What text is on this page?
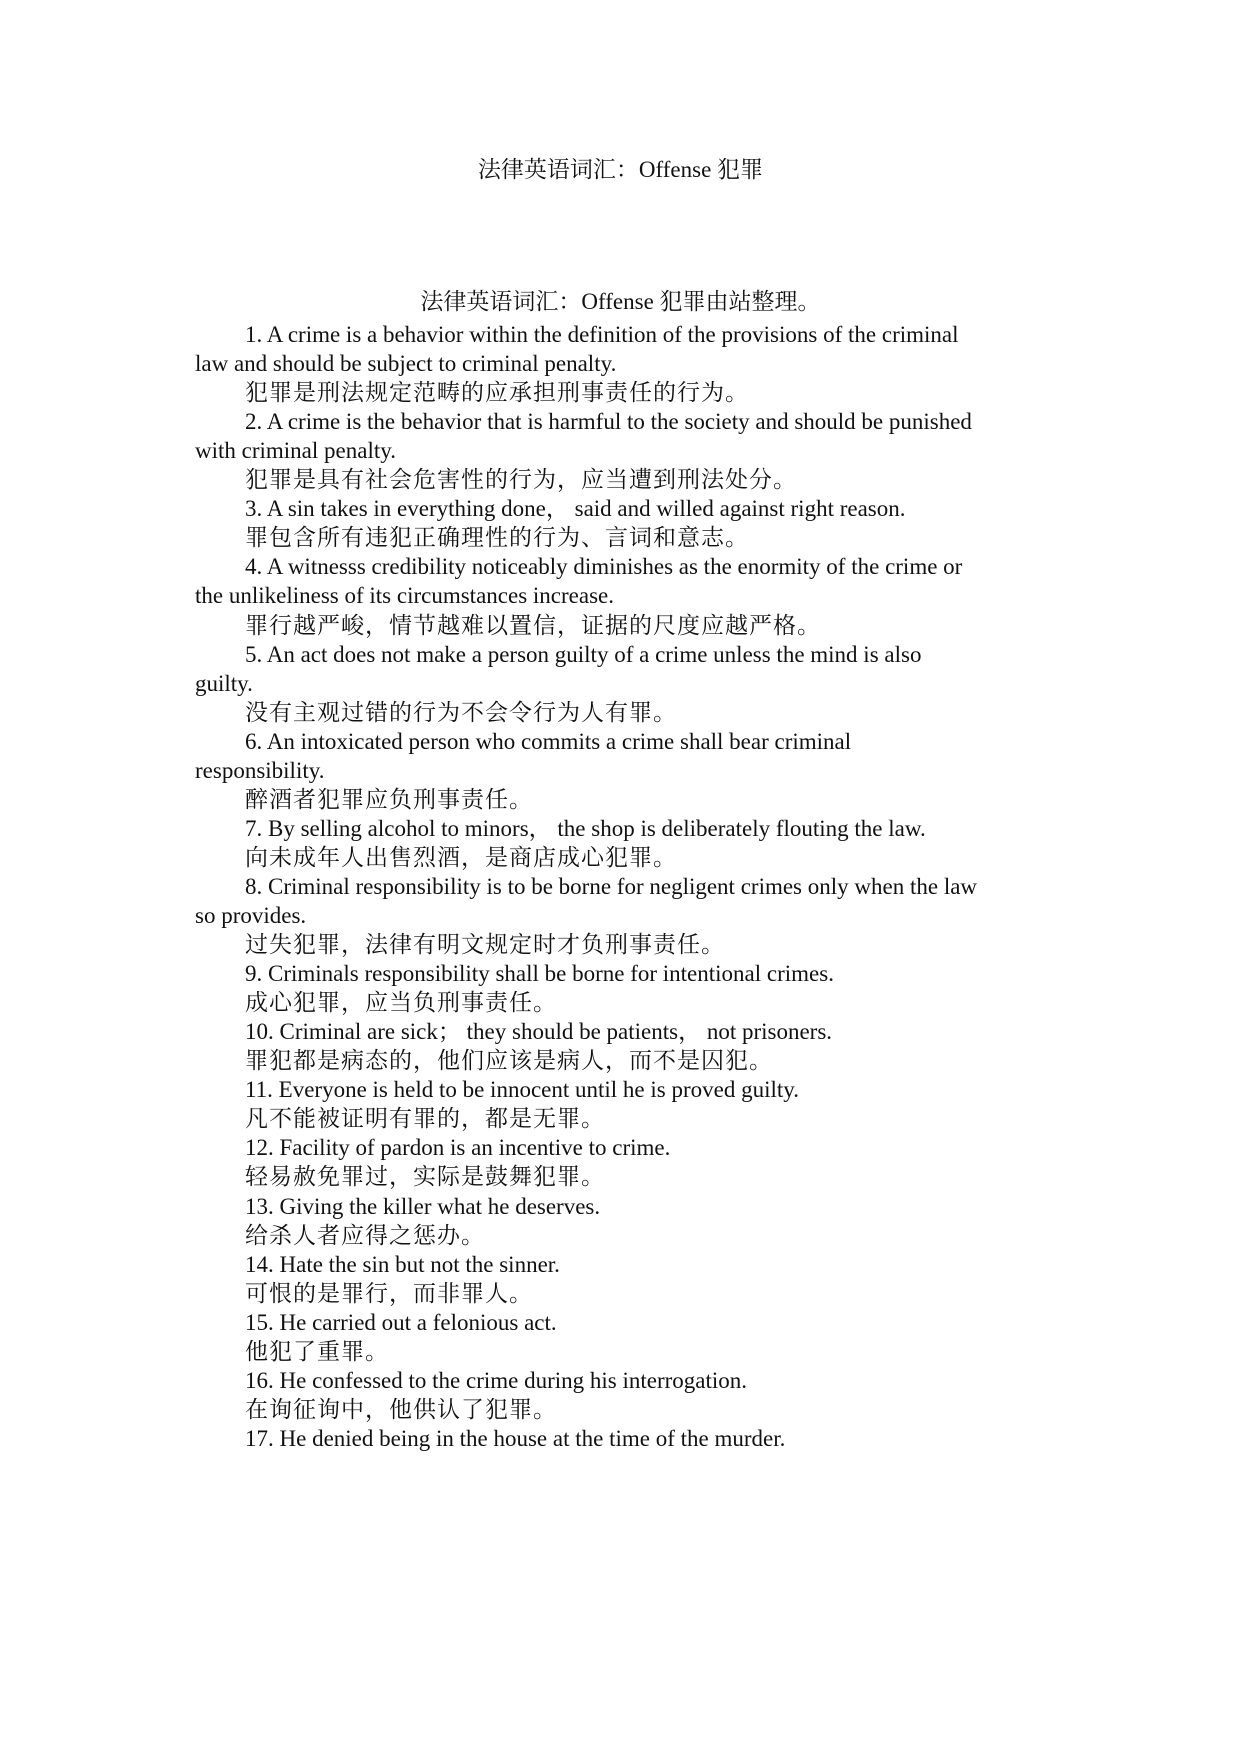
法律英语词汇：Offense 犯罪
法律英语词汇：Offense 犯罪由站整理。
1. A crime is a behavior within the definition of the provisions of the criminal
law and should be subject to criminal penalty.
犯罪是刑法规定范畴的应承担刑事责任的行为。
2. A crime is the behavior that is harmful to the society and should be punished
with criminal penalty.
犯罪是具有社会危害性的行为，应当遭到刑法处分。
3. A sin takes in everything done， said and willed against right reason.
罪包含所有违犯正确理性的行为、言词和意志。
4. A witnesss credibility noticeably diminishes as the enormity of the crime or
the unlikeliness of its circumstances increase.
罪行越严峻，情节越难以置信，证据的尺度应越严格。
5. An act does not make a person guilty of a crime unless the mind is also
guilty.
没有主观过错的行为不会令行为人有罪。
6. An intoxicated person who commits a crime shall bear criminal
responsibility.
醉酒者犯罪应负刑事责任。
7. By selling alcohol to minors， the shop is deliberately flouting the law.
向未成年人出售烈酒，是商店成心犯罪。
8. Criminal responsibility is to be borne for negligent crimes only when the law
so provides.
过失犯罪，法律有明文规定时才负刑事责任。
9. Criminals responsibility shall be borne for intentional crimes.
成心犯罪，应当负刑事责任。
10. Criminal are sick； they should be patients， not prisoners.
罪犯都是病态的，他们应该是病人，而不是囚犯。
11. Everyone is held to be innocent until he is proved guilty.
凡不能被证明有罪的，都是无罪。
12. Facility of pardon is an incentive to crime.
轻易赦免罪过，实际是鼓舞犯罪。
13. Giving the killer what he deserves.
给杀人者应得之惩办。
14. Hate the sin but not the sinner.
可恨的是罪行，而非罪人。
15. He carried out a felonious act.
他犯了重罪。
16. He confessed to the crime during his interrogation.
在询征询中，他供认了犯罪。
17. He denied being in the house at the time of the murder.
